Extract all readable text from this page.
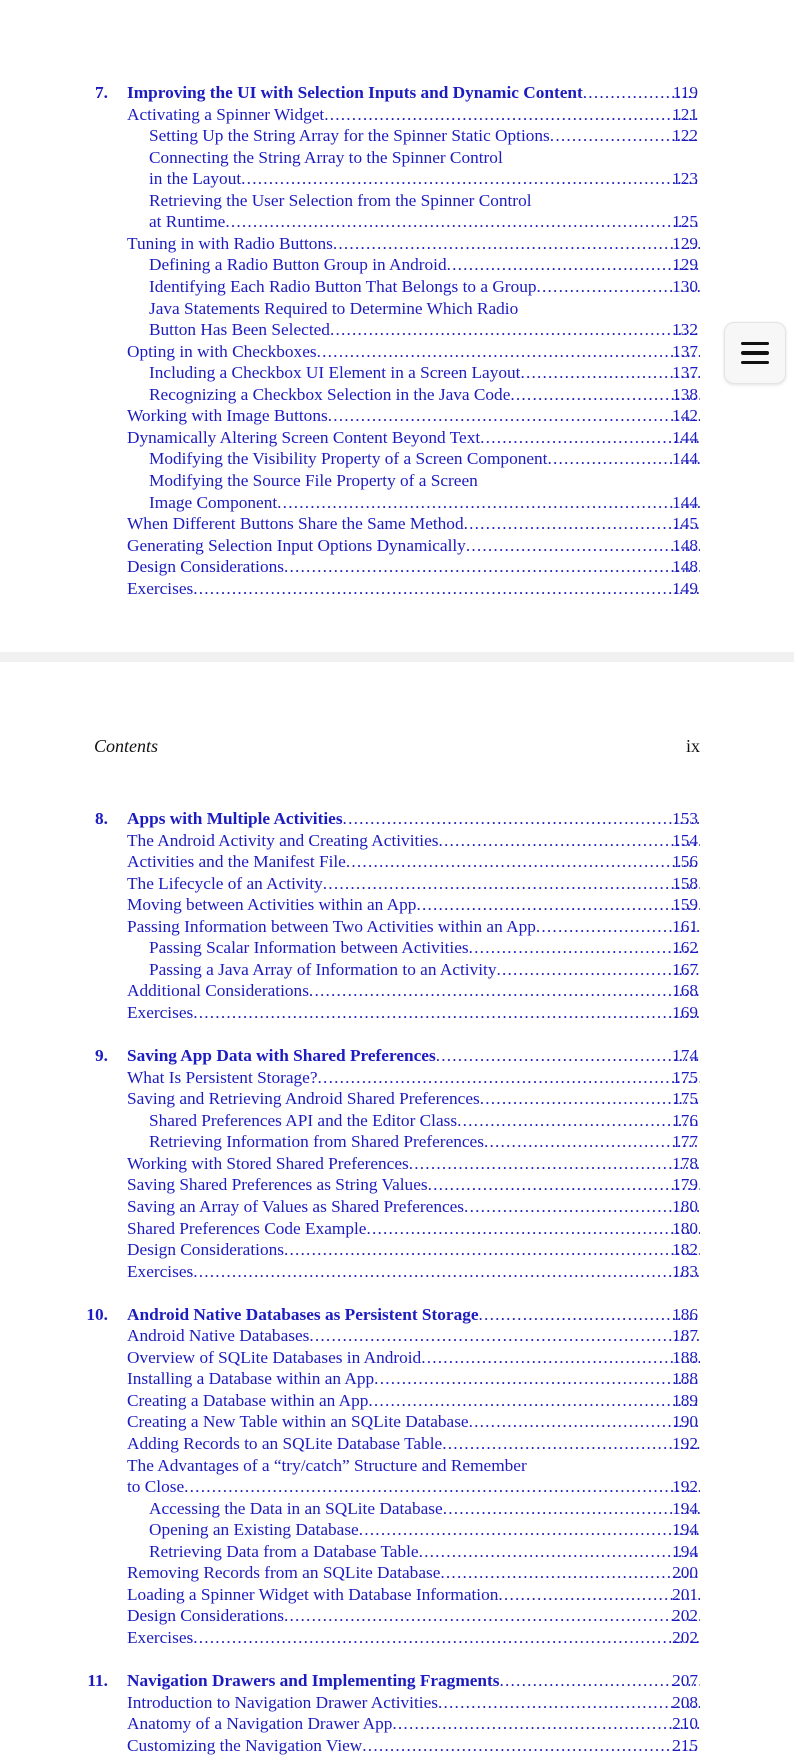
7. Improving the UI with Selection Inputs and Dynamic Content .....	119
Activating a Spinner Widget .....	121
Setting Up the String Array for the Spinner Static Options .....	122
Connecting the String Array to the Spinner Control
in the Layout .....	123
Retrieving the User Selection from the Spinner Control
at Runtime .....	125
Tuning in with Radio Buttons .....	129
Defining a Radio Button Group in Android .....	129
Identifying Each Radio Button That Belongs to a Group .....	130
Java Statements Required to Determine Which Radio
Button Has Been Selected .....	132
Opting in with Checkboxes .....	137
Including a Checkbox UI Element in a Screen Layout .....	137
Recognizing a Checkbox Selection in the Java Code .....	138
Working with Image Buttons .....	142
Dynamically Altering Screen Content Beyond Text .....	144
Modifying the Visibility Property of a Screen Component .....	144
Modifying the Source File Property of a Screen
Image Component .....	144
When Different Buttons Share the Same Method .....	145
Generating Selection Input Options Dynamically .....	148
Design Considerations .....	148
Exercises .....	149
Contents	ix
8. Apps with Multiple Activities .....	153
The Android Activity and Creating Activities .....	154
Activities and the Manifest File .....	156
The Lifecycle of an Activity .....	158
Moving between Activities within an App .....	159
Passing Information between Two Activities within an App .....	161
Passing Scalar Information between Activities .....	162
Passing a Java Array of Information to an Activity .....	167
Additional Considerations .....	168
Exercises .....	169
9. Saving App Data with Shared Preferences .....	174
What Is Persistent Storage? .....	175
Saving and Retrieving Android Shared Preferences .....	175
Shared Preferences API and the Editor Class .....	176
Retrieving Information from Shared Preferences .....	177
Working with Stored Shared Preferences .....	178
Saving Shared Preferences as String Values .....	179
Saving an Array of Values as Shared Preferences .....	180
Shared Preferences Code Example .....	180
Design Considerations .....	182
Exercises .....	183
10. Android Native Databases as Persistent Storage .....	186
Android Native Databases .....	187
Overview of SQLite Databases in Android .....	188
Installing a Database within an App .....	188
Creating a Database within an App .....	189
Creating a New Table within an SQLite Database .....	190
Adding Records to an SQLite Database Table .....	192
The Advantages of a “try/catch” Structure and Remember
to Close .....	192
Accessing the Data in an SQLite Database .....	194
Opening an Existing Database .....	194
Retrieving Data from a Database Table .....	194
Removing Records from an SQLite Database .....	200
Loading a Spinner Widget with Database Information .....	201
Design Considerations .....	202
Exercises .....	202
11. Navigation Drawers and Implementing Fragments .....	207
Introduction to Navigation Drawer Activities .....	208
Anatomy of a Navigation Drawer App .....	210
Customizing the Navigation View .....	215
